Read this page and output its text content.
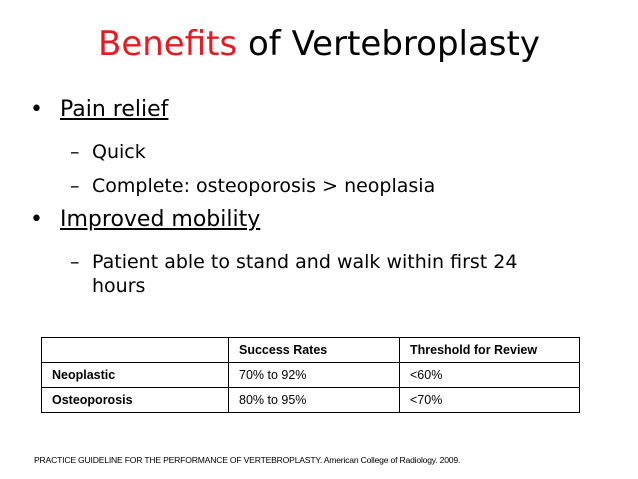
Benefits of Vertebroplasty
• Pain relief
– Quick
– Complete: osteoporosis > neoplasia
• Improved mobility
– Patient able to stand and walk within first 24 hours
	Success Rates	Threshold for Review
Neoplastic	70% to 92%	<60%
Osteoporosis	80% to 95%	<70%
PRACTICE GUIDELINE FOR THE PERFORMANCE OF VERTEBROPLASTY. American College of Radiology. 2009.
